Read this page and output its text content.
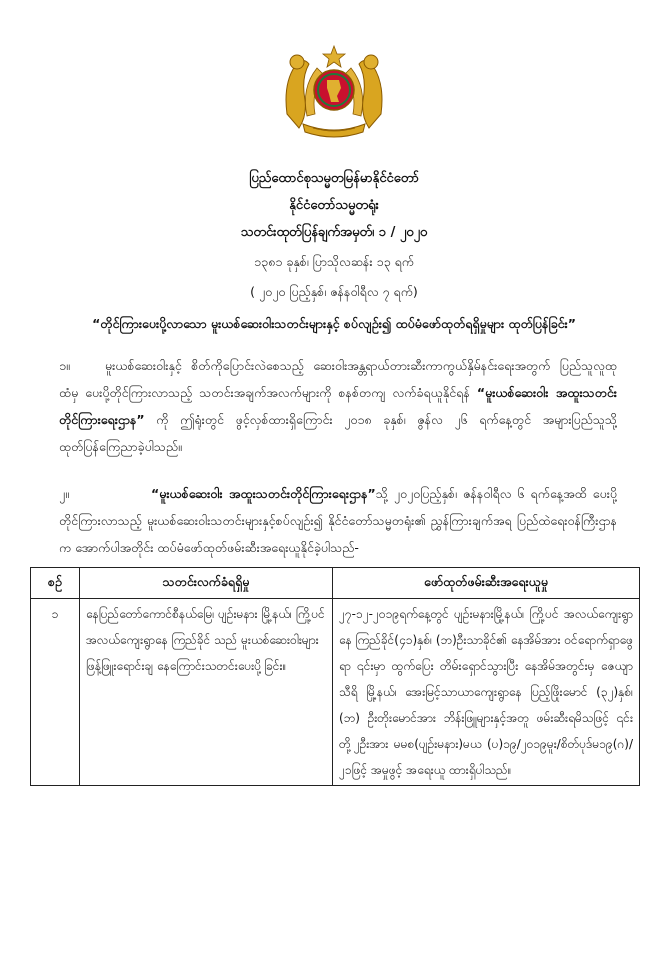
ပြည်ထောင်စုသမ္မတမြန်မာနိုင်ငံတော်
နိုင်ငံတော်သမ္မတရုံး
သတင်းထုတ်ပြန်ချက်အမှတ်၊ ၁ / ၂၀၂၀
၁၃၈၁ ခုနှစ်၊ ပြာသိုလဆန်း ၁၃ ရက်
( ၂၀၂၀ ပြည့်နှစ်၊ ဇန်နဝါရီလ ၇ ရက်)
“တိုင်ကြားပေးပို့လာသော မူးယစ်ဆေးဝါးသတင်းများနှင့် စပ်လျဉ်း၍ ထပ်မံဖော်ထုတ်ရရှိမှုများ ထုတ်ပြန်ခြင်း”
၁။	မူးယစ်ဆေးဝါးနှင့် စိတ်ကိုပြောင်းလဲစေသည့် ဆေးဝါးအန္တရာယ်တားဆီးကာကွယ်နှိမ်နင်းရေးအတွက် ပြည်သူလူထုထံမှ ပေးပို့တိုင်ကြားလာသည့် သတင်းအချက်အလက်များကို စနစ်တကျ လက်ခံရယူနိုင်ရန် “မူးယစ်ဆေးဝါး အထူးသတင်းတိုင်ကြားရေးဌာန” ကို ဤရုံးတွင် ဖွင့်လှစ်ထားရှိကြောင်း ၂၀၁၈ ခုနှစ်၊ ဇွန်လ ၂၆ ရက်နေ့တွင် အများပြည်သူသို့ ထုတ်ပြန်ကြေညာခဲ့ပါသည်။
၂။	“မူးယစ်ဆေးဝါး အထူးသတင်းတိုင်ကြားရေးဌာန”သို့ ၂၀၂၀ပြည့်နှစ်၊ ဇန်နဝါရီလ ၆ ရက်နေ့အထိ ပေးပို့တိုင်ကြားလာသည့် မူးယစ်ဆေးဝါးသတင်းများနှင့်စပ်လျဉ်း၍ နိုင်ငံတော်သမ္မတရုံး၏ ညွှန်ကြားချက်အရ ပြည်ထဲရေးဝန်ကြီးဌာနက အောက်ပါအတိုင်း ထပ်မံဖော်ထုတ်ဖမ်းဆီးအရေးယူနိုင်ခဲ့ပါသည်-
စဉ်	သတင်းလက်ခံရရှိမှု	ဖော်ထုတ်ဖမ်းဆီးအရေးယူမှု
၁	နေပြည်တော်ကောင်စီနယ်မြေ၊ ပျဉ်းမနား မြို့နယ်၊ ကြို့ပင်အလယ်ကျေးရွာနေ ကြည်ခိုင် သည် မူးယစ်ဆေးဝါးများ ဖြန့်ဖြူးရောင်းချ နေကြောင်းသတင်းပေးပို့ခြင်း။	၂၇-၁၂-၂၀၁၉ရက်နေ့တွင် ပျဉ်းမနားမြို့နယ်၊ ကြို့ပင် အလယ်ကျေးရွာနေ ကြည်ခိုင်(၄၁)နှစ်၊ (ဘ)ဦးသာခိုင်၏ နေအိမ်အား ဝင်ရောက်ရှာဖွေရာ ၎င်းမှာ ထွက်ပြေး တိမ်းရှောင်သွားပြီး နေအိမ်အတွင်းမှ ဇေယျာသီရိ မြို့နယ်၊ အေးမြင့်သာယာကျေးရွာနေ ပြည့်ဖြိုးမောင် (၃၂)နှစ်၊ (ဘ) ဦးတိုးမောင်အား ဘိန်းဖြူများနှင့်အတူ ဖမ်းဆီးရမိသဖြင့် ၎င်းတို့၂ဦးအား မမစ(ပျဉ်းမနား)မယ (ပ)၁၉/၂၀၁၉မူး/စိတ်ပုဒ်မ၁၉(ဂ)/၂၁ဖြင့် အမှုဖွင့် အရေးယူ ထားရှိပါသည်။
